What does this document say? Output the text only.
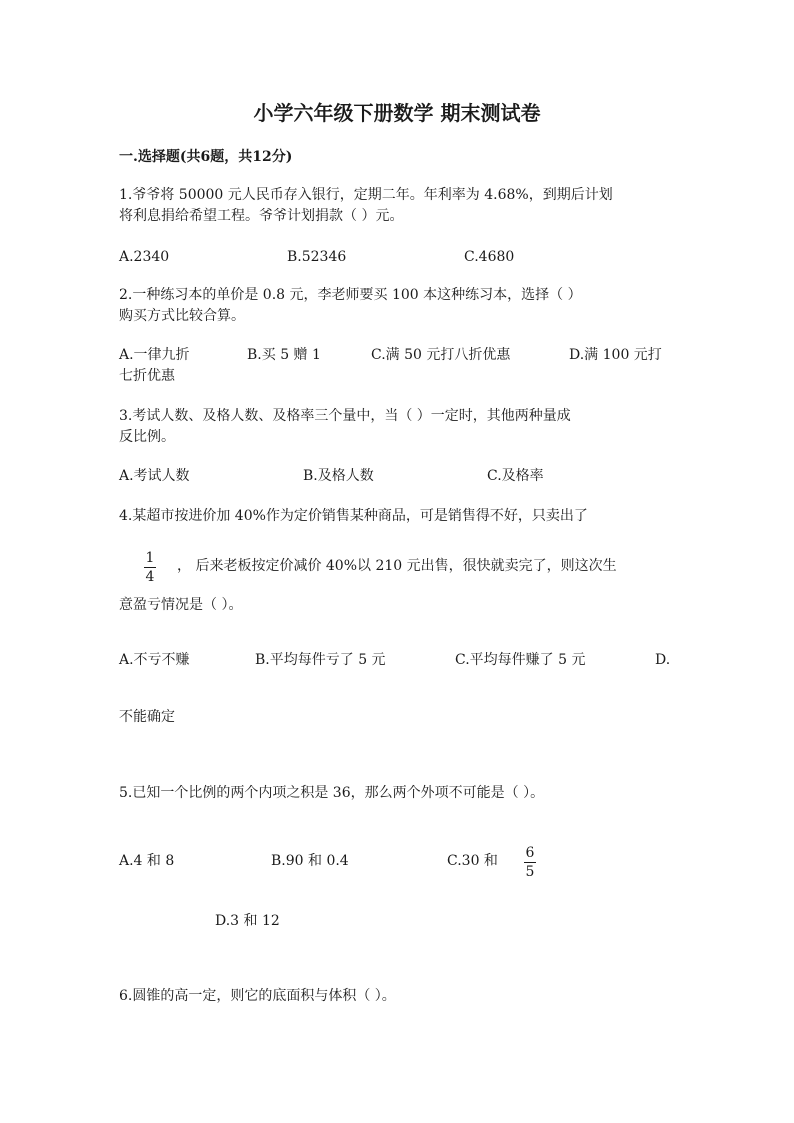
小学六年级下册数学 期末测试卷
一.选择题(共6题，共12分)
1.爷爷将 50000 元人民币存入银行，定期二年。年利率为 4.68%，到期后计划
将利息捐给希望工程。爷爷计划捐款（ ）元。
A.2340	B.52346	C.4680
2.一种练习本的单价是 0.8 元，李老师要买 100 本这种练习本，选择（ ）
购买方式比较合算。
A.一律九折	B.买 5 赠 1	C.满 50 元打八折优惠	D.满 100 元打
七折优惠
3.考试人数、及格人数、及格率三个量中，当（ ）一定时，其他两种量成
反比例。
A.考试人数	B.及格人数	C.及格率
4.某超市按进价加 40%作为定价销售某种商品，可是销售得不好，只卖出了
1
4
， 后来老板按定价减价 40%以 210 元出售，很快就卖完了，则这次生
意盈亏情况是（ ）。
A.不亏不赚	B.平均每件亏了 5 元	C.平均每件赚了 5 元	D.
不能确定
5.已知一个比例的两个内项之积是 36，那么两个外项不可能是（ ）。
A.4 和 8	B.90 和 0.4	C.30 和 6
5
D.3 和 12
6.圆锥的高一定，则它的底面积与体积（ ）。
